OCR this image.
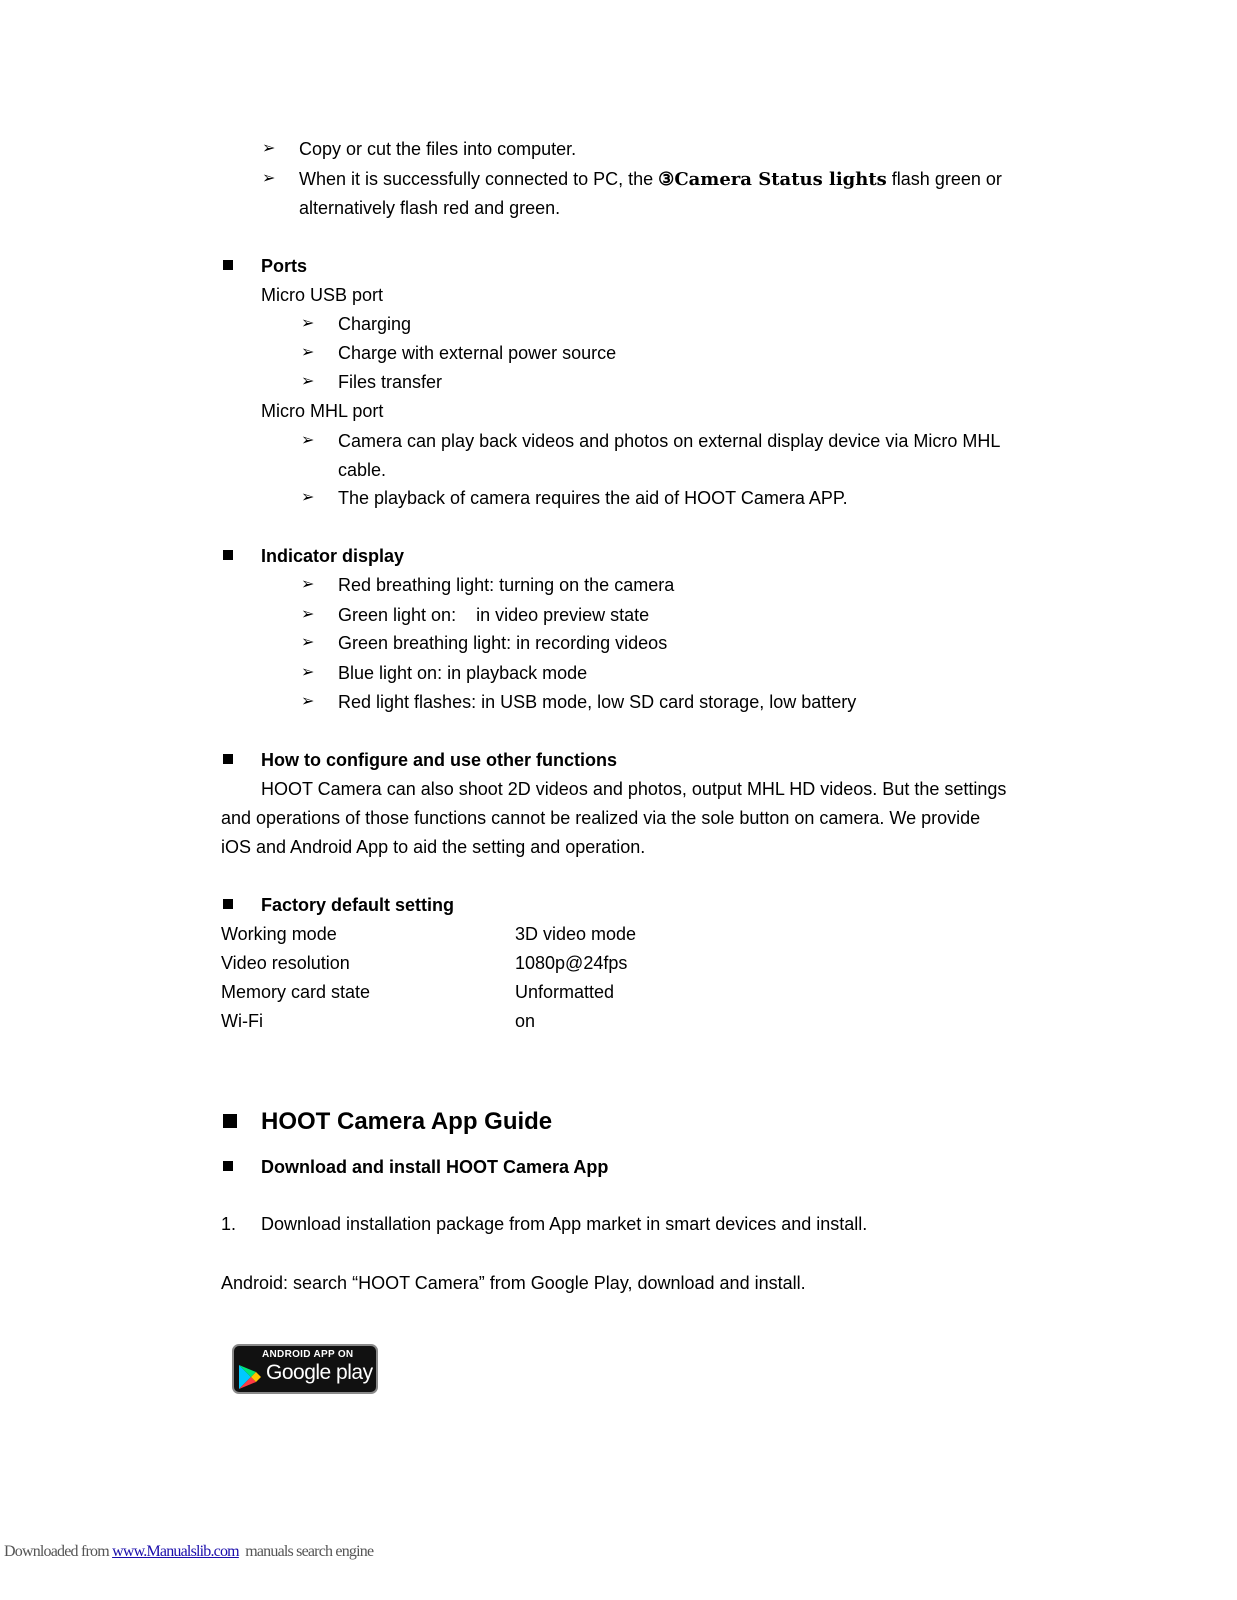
➢ Copy or cut the files into computer.
➢ When it is successfully connected to PC, the ③Camera Status lights flash green or
alternatively flash red and green.
Ports
Micro USB port
➢ Charging
➢ Charge with external power source
➢ Files transfer
Micro MHL port
➢ Camera can play back videos and photos on external display device via Micro MHL
cable.
➢ The playback of camera requires the aid of HOOT Camera APP.
Indicator display
➢ Red breathing light: turning on the camera
➢ Green light on:    in video preview state
➢ Green breathing light: in recording videos
➢ Blue light on: in playback mode
➢ Red light flashes: in USB mode, low SD card storage, low battery
How to configure and use other functions
HOOT Camera can also shoot 2D videos and photos, output MHL HD videos. But the settings
and operations of those functions cannot be realized via the sole button on camera. We provide
iOS and Android App to aid the setting and operation.
Factory default setting
Working mode	3D video mode
Video resolution	1080p@24fps
Memory card state	Unformatted
Wi-Fi	on
HOOT Camera App Guide
Download and install HOOT Camera App
1. Download installation package from App market in smart devices and install.
Android: search “HOOT Camera” from Google Play, download and install.
ANDROID APP ON
Google play
Downloaded from www.Manualslib.com  manuals search engine
